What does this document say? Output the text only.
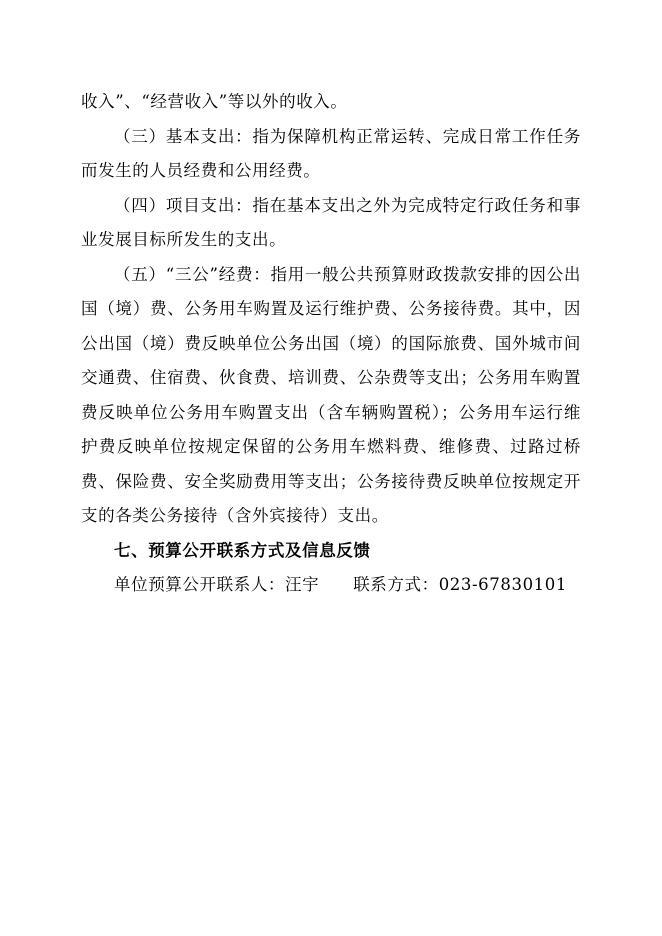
收入”、“经营收入”等以外的收入。

（三）基本支出：指为保障机构正常运转、完成日常工作任务而发生的人员经费和公用经费。

（四）项目支出：指在基本支出之外为完成特定行政任务和事业发展目标所发生的支出。

（五）“三公”经费：指用一般公共预算财政拨款安排的因公出国（境）费、公务用车购置及运行维护费、公务接待费。其中，因公出国（境）费反映单位公务出国（境）的国际旅费、国外城市间交通费、住宿费、伙食费、培训费、公杂费等支出；公务用车购置费反映单位公务用车购置支出（含车辆购置税）；公务用车运行维护费反映单位按规定保留的公务用车燃料费、维修费、过路过桥费、保险费、安全奖励费用等支出；公务接待费反映单位按规定开支的各类公务接待（含外宾接待）支出。

七、预算公开联系方式及信息反馈

单位预算公开联系人：汪宇 联系方式：023-67830101
